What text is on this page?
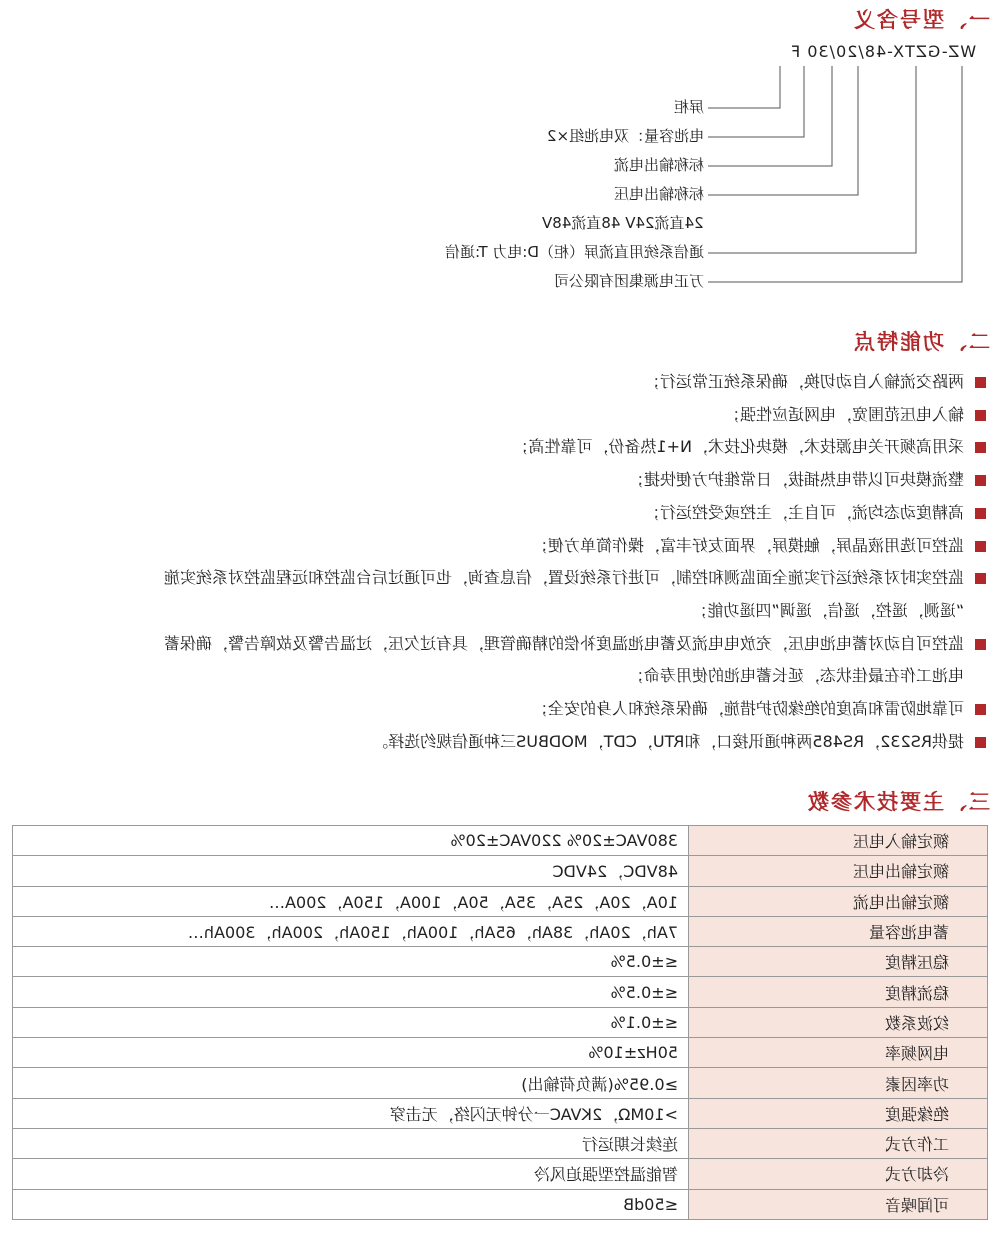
一、型号含义
WZ-GZTX-48/20/30 F
屏柜
电池容量：双电池组×2
标称输出电流
标称输出电压
24直流24V 48直流48V
通信系统用直流屏（柜）D:电力 T:通信
万正电源集团有限公司
二、功能特点
两路交流输入自动切换，确保系统正常运行；
输入电压范围宽，电网适应性强；
采用高频开关电源技术，模块化技术，N+1热备份，可靠性高；
整流模块可以带电热插拔，日常维护方便快捷；
高精度动态均流，可自主，主控或受控运行；
监控可选用液晶屏，触摸屏，界面友好丰富，操作简单方便；
监控实时对系统运行实施全面监测和控制，可进行系统设置，信息查询，也可通过后台监控和远程监控对系统实施
“遥测，遥控，遥信，遥调”四遥功能；
监控可自动对蓄电池电压，充放电电流及蓄电池温度补偿的精确管理，具有过欠压，过温告警及故障告警，确保蓄
电池工作在最佳状态，延长蓄电池的使用寿命；
可靠地防雷和高度的绝缘防护措施，确保系统和人身的安全；
提供RS232，RS485两种通讯接口，和RTU，CDT，MODBUS三种通信规约选择。
三、主要技术参数
额定输入电压	380VAC±20% 220VAC±20%
额定输出电压	48VDC，24VDC
额定输出电流	10A，20A，25A，35A，50A，100A，150A，200A…
蓄电池容量	7Ah，20Ah，38Ah，65Ah，100Ah，150Ah，200Ah，300Ah…
稳压精度	≤±0.5%
稳流精度	≤±0.5%
纹波系数	≤±0.1%
电网频率	50Hz±10%
功率因素	≥0.95%(满负荷输出)
绝缘强度	>10MΩ，2KVAC一分钟无闪络，无击穿
工作方式	连续长期运行
冷却方式	智能温控型强迫风冷
可闻噪音	≤50dB
